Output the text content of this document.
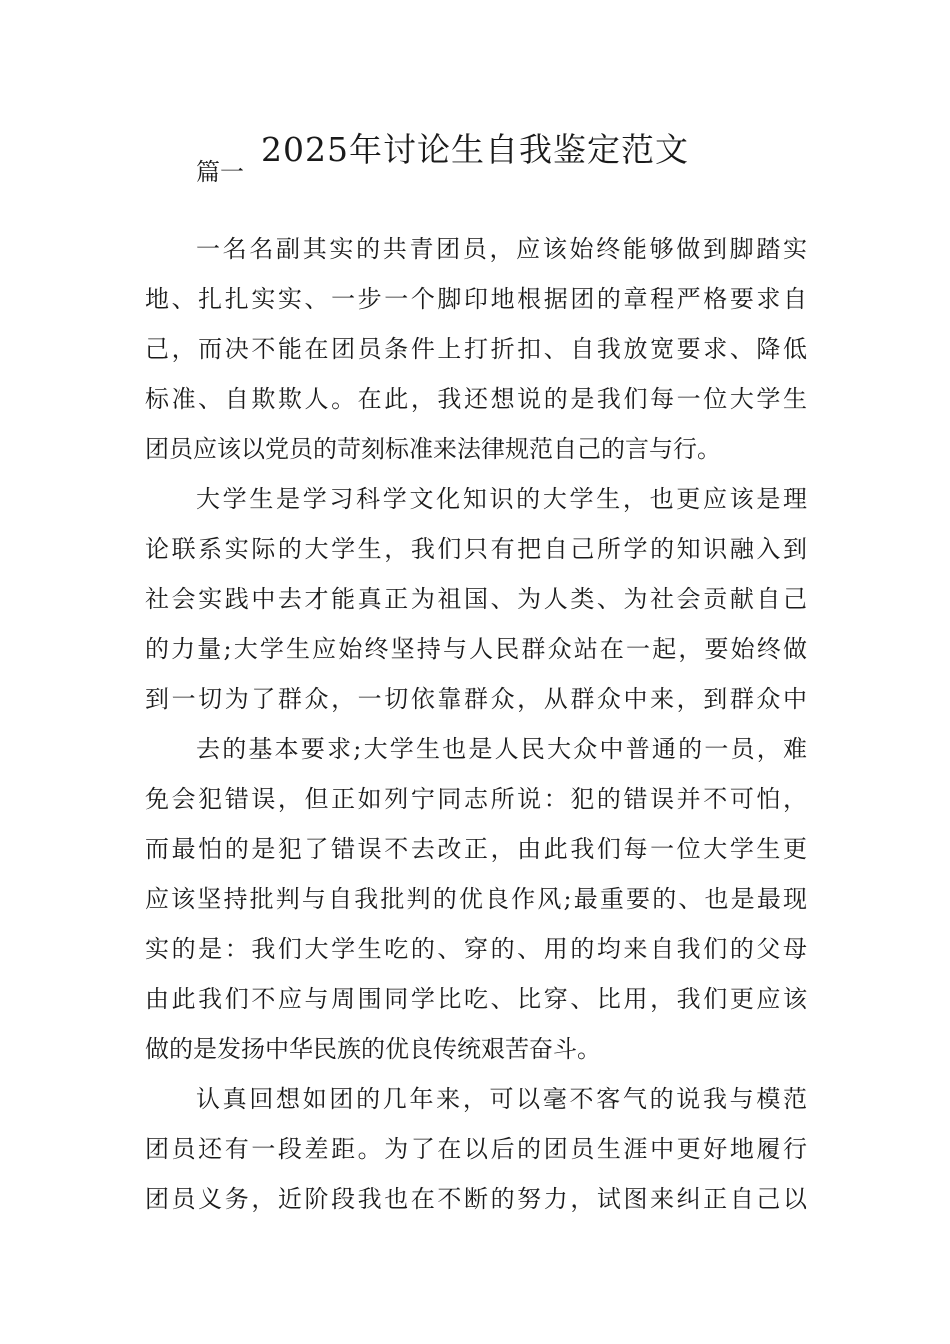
2025年讨论生自我鉴定范文
篇一
一名名副其实的共青团员，应该始终能够做到脚踏实
地、扎扎实实、一步一个脚印地根据团的章程严格要求自
己，而决不能在团员条件上打折扣、自我放宽要求、降低
标准、自欺欺人。在此，我还想说的是我们每一位大学生
团员应该以党员的苛刻标准来法律规范自己的言与行。
大学生是学习科学文化知识的大学生，也更应该是理
论联系实际的大学生，我们只有把自己所学的知识融入到
社会实践中去才能真正为祖国、为人类、为社会贡献自己
的力量;大学生应始终坚持与人民群众站在一起，要始终做
到一切为了群众，一切依靠群众，从群众中来，到群众中
去的基本要求;大学生也是人民大众中普通的一员，难
免会犯错误，但正如列宁同志所说：犯的错误并不可怕，
而最怕的是犯了错误不去改正，由此我们每一位大学生更
应该坚持批判与自我批判的优良作风;最重要的、也是最现
实的是：我们大学生吃的、穿的、用的均来自我们的父母
由此我们不应与周围同学比吃、比穿、比用，我们更应该
做的是发扬中华民族的优良传统艰苦奋斗。
认真回想如团的几年来，可以毫不客气的说我与模范
团员还有一段差距。为了在以后的团员生涯中更好地履行
团员义务，近阶段我也在不断的努力，试图来纠正自己以
